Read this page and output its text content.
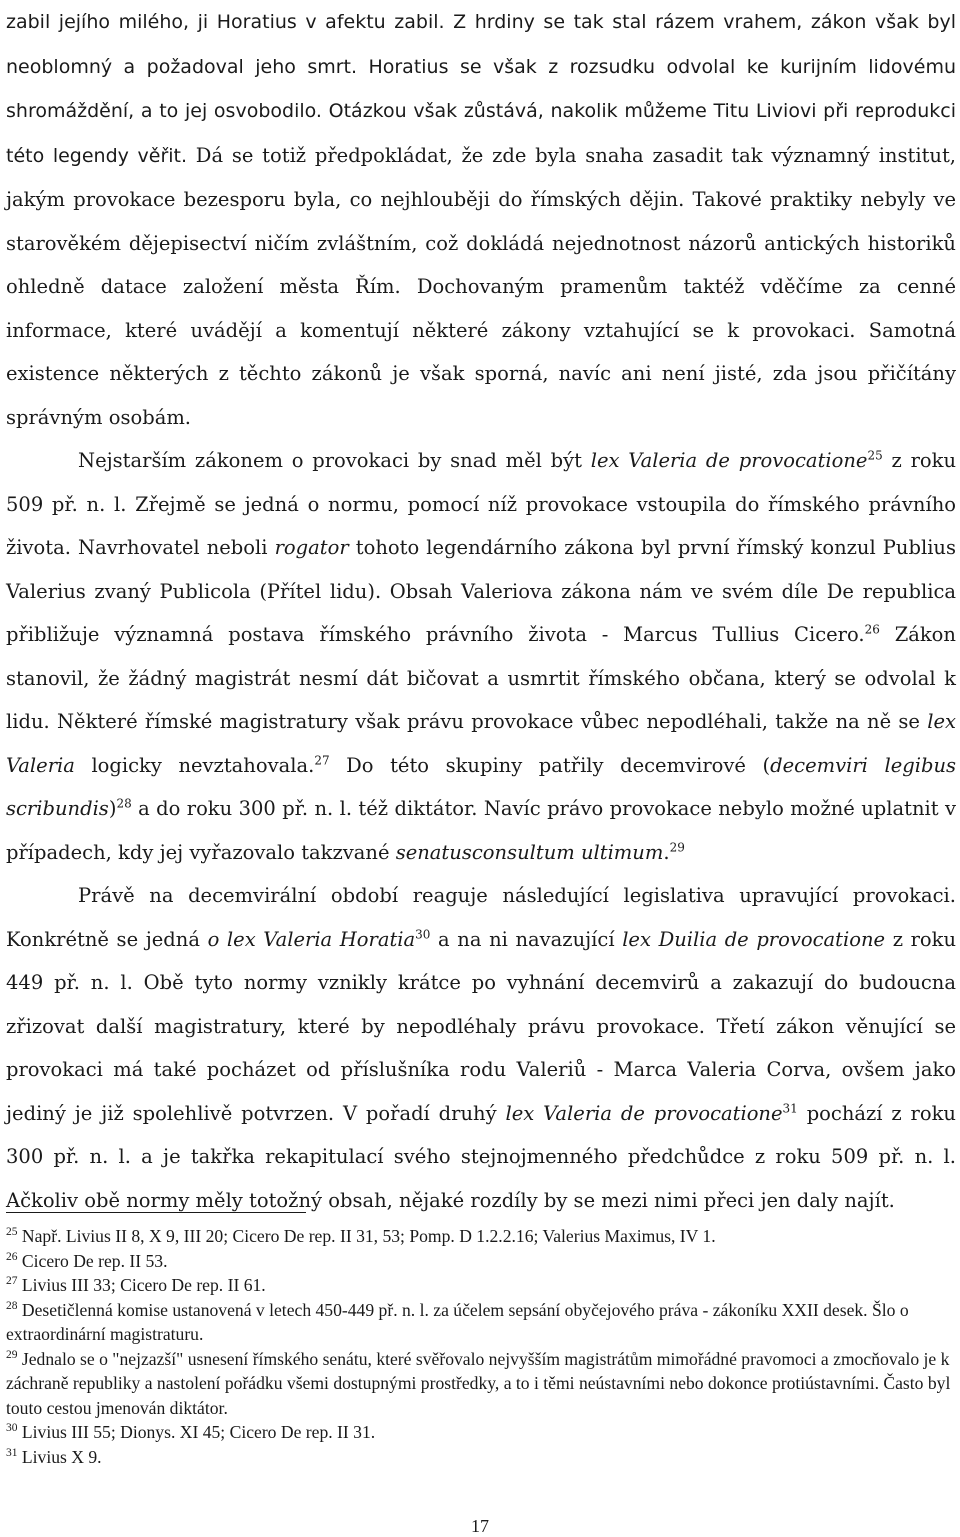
zabil jejího milého, ji Horatius v afektu zabil. Z hrdiny se tak stal rázem vrahem, zákon však byl neoblomný a požadoval jeho smrt. Horatius se však z rozsudku odvolal ke kurijním lidovému shromáždění, a to jej osvobodilo. Otázkou však zůstává, nakolik můžeme Titu Liviovi při reprodukci této legendy věřit. Dá se totiž předpokládat, že zde byla snaha zasadit tak významný institut, jakým provokace bezesporu byla, co nejhlouběji do římských dějin. Takové praktiky nebyly ve starověkém dějepisectví ničím zvláštním, což dokládá nejednotnost názorů antických historiků ohledně datace založení města Řím. Dochovaným pramenům taktéž vděčíme za cenné informace, které uvádějí a komentují některé zákony vztahující se k provokaci. Samotná existence některých z těchto zákonů je však sporná, navíc ani není jisté, zda jsou přičítány správným osobám.

Nejstarším zákonem o provokaci by snad měl být lex Valeria de provocatione$^{25}$ z roku 509 př. n. l. Zřejmě se jedná o normu, pomocí níž provokace vstoupila do římského právního života. Navrhovatel neboli rogator tohoto legendárního zákona byl první římský konzul Publius Valerius zvaný Publicola (Přítel lidu). Obsah Valeriova zákona nám ve svém díle De republica přibližuje významná postava římského právního života - Marcus Tullius Cicero.$^{26}$ Zákon stanovil, že žádný magistrát nesmí dát bičovat a usmrtit římského občana, který se odvolal k lidu. Některé římské magistratury však právu provokace vůbec nepodléhali, takže na ně se lex Valeria logicky nevztahovala.$^{27}$ Do této skupiny patřily decemvirové (decemviri legibus scribundis)$^{28}$ a do roku 300 př. n. l. též diktátor. Navíc právo provokace nebylo možné uplatnit v případech, kdy jej vyřazovalo takzvané senatusconsultum ultimum.$^{29}$

Právě na decemvirální období reaguje následující legislativa upravující provokaci. Konkrétně se jedná o lex Valeria Horatia$^{30}$ a na ni navazující lex Duilia de provocatione z roku 449 př. n. l. Obě tyto normy vznikly krátce po vyhnání decemvirů a zakazují do budoucna zřizovat další magistratury, které by nepodléhaly právu provokace. Třetí zákon věnující se provokaci má také pocházet od příslušníka rodu Valeriů - Marca Valeria Corva, ovšem jako jediný je již spolehlivě potvrzen. V pořadí druhý lex Valeria de provocatione$^{31}$ pochází z roku 300 př. n. l. a je takřka rekapitulací svého stejnojmenného předchůdce z roku 509 př. n. l. Ačkoliv obě normy měly totožný obsah, nějaké rozdíly by se mezi nimi přeci jen daly najít.

$^{25}$ Např. Livius II 8, X 9, III 20; Cicero De rep. II 31, 53; Pomp. D 1.2.2.16; Valerius Maximus, IV 1.

$^{26}$ Cicero De rep. II 53.

$^{27}$ Livius III 33; Cicero De rep. II 61.

$^{28}$ Desetičlenná komise ustanovená v letech 450-449 př. n. l. za účelem sepsání obyčejového práva - zákoníku XXII desek. Šlo o extraordinární magistraturu.

$^{29}$ Jednalo se o "nejzazší" usnesení římského senátu, které svěřovalo nejvyšším magistrátům mimořádné pravomoci a zmocňovalo je k záchraně republiky a nastolení pořádku všemi dostupnými prostředky, a to i těmi neústavními nebo dokonce protiústavními. Často byl touto cestou jmenován diktátor.

$^{30}$ Livius III 55; Dionys. XI 45; Cicero De rep. II 31.

$^{31}$ Livius X 9.

17
